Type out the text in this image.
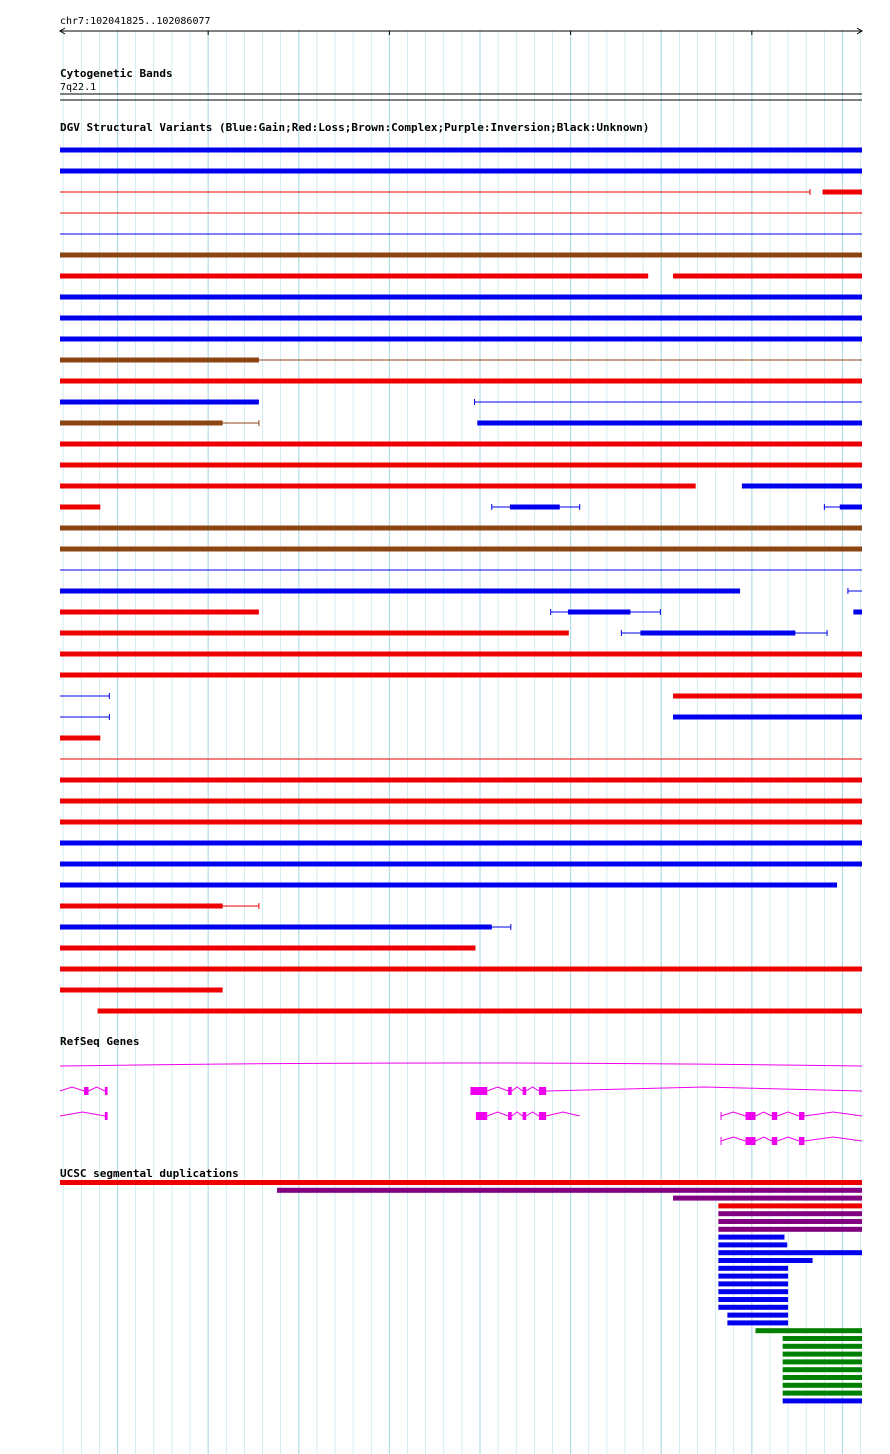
chr7:102041825..102086077
Cytogenetic Bands
7q22.1
DGV Structural Variants (Blue:Gain;Red:Loss;Brown:Complex;Purple:Inversion;Black:Unknown)
RefSeq Genes
UCSC segmental duplications
